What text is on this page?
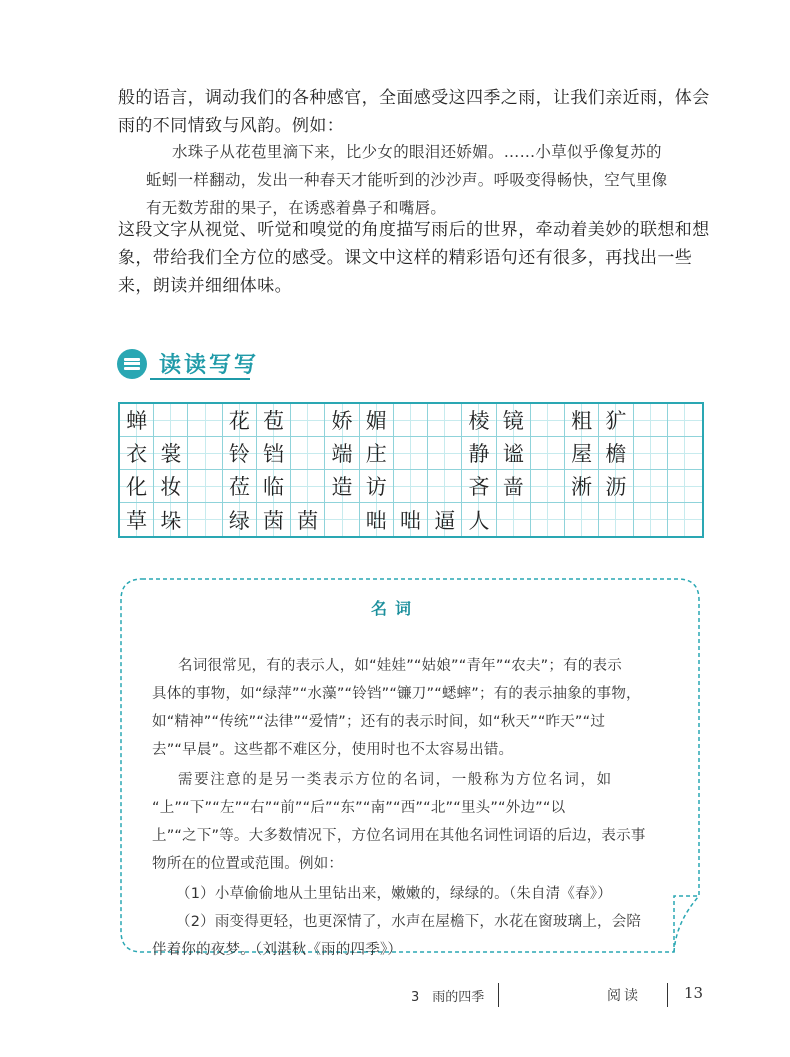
般的语言，调动我们的各种感官，全面感受这四季之雨，让我们亲近雨，体会

雨的不同情致与风韵。例如：

水珠子从花苞里滴下来，比少女的眼泪还娇媚。……小草似乎像复苏的

蚯蚓一样翻动，发出一种春天才能听到的沙沙声。呼吸变得畅快，空气里像

有无数芳甜的果子，在诱惑着鼻子和嘴唇。

这段文字从视觉、听觉和嗅觉的角度描写雨后的世界，牵动着美妙的联想和想

象，带给我们全方位的感受。课文中这样的精彩语句还有很多，再找出一些

来，朗读并细细体味。

读读写写
蝉	花 苞	娇 媚	棱 镜	粗 犷
衣 裳	铃 铛	端 庄	静 谧	屋 檐
化 妆	莅 临	造 访	吝 啬	淅 沥
草 垛	绿 茵 茵	咄 咄 逼 人
名词

名词很常见，有的表示人，如“娃娃”“姑娘”“青年”“农夫”；有的表示

具体的事物，如“绿萍”“水藻”“铃铛”“镰刀”“蟋蟀”；有的表示抽象的事物，

如“精神”“传统”“法律”“爱情”；还有的表示时间，如“秋天”“昨天”“过

去”“早晨”。这些都不难区分，使用时也不太容易出错。

需要注意的是另一类表示方位的名词，一般称为方位名词，如

“上”“下”“左”“右”“前”“后”“东”“南”“西”“北”“里头”“外边”“以

上”“之下”等。大多数情况下，方位名词用在其他名词性词语的后边，表示事

物所在的位置或范围。例如：

（1）小草偷偷地从土里钻出来，嫩嫩的，绿绿的。（朱自清《春》）

（2）雨变得更轻，也更深情了，水声在屋檐下，水花在窗玻璃上，会陪

伴着你的夜梦。（刘湛秋《雨的四季》）

3　雨的四季	阅读	13
